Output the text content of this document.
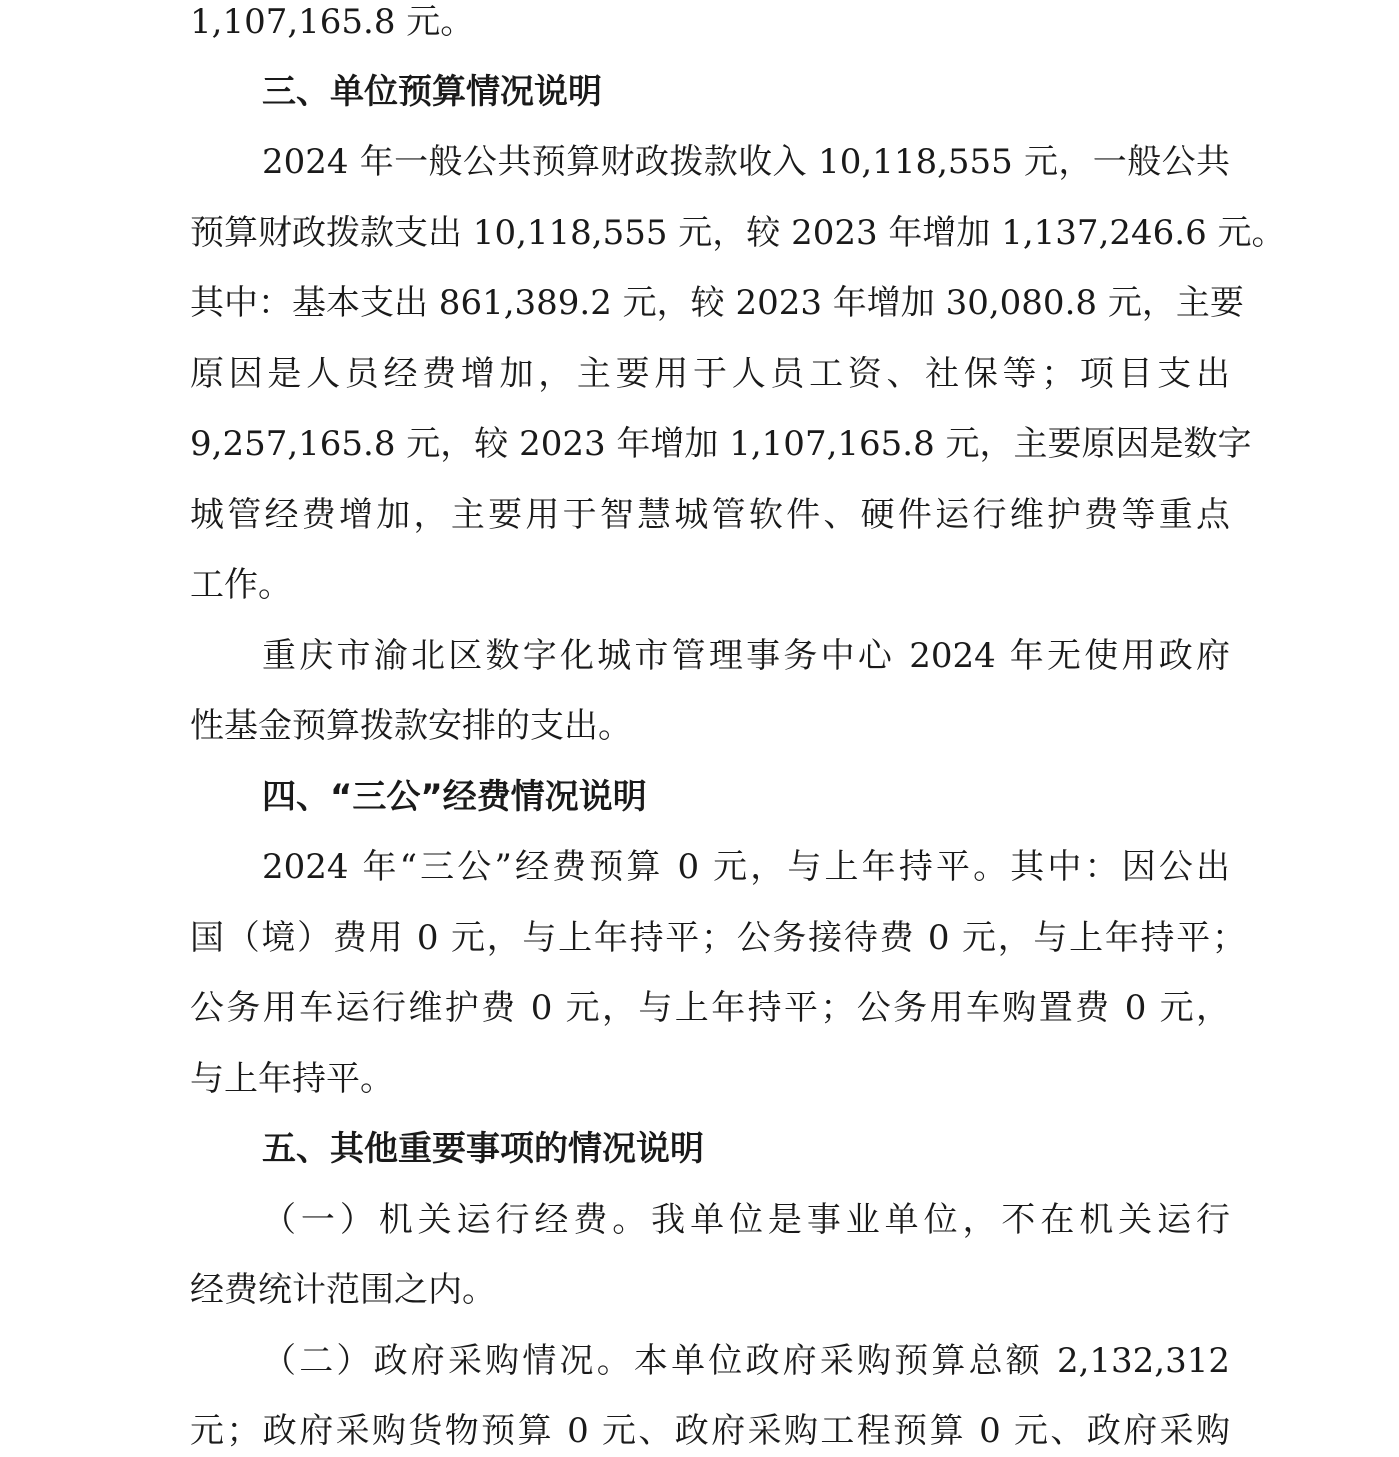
1,107,165.8 元。
三、单位预算情况说明
2024 年一般公共预算财政拨款收入 10,118,555 元，一般公共
预算财政拨款支出 10,118,555 元，较 2023 年增加 1,137,246.6 元。
其中：基本支出 861,389.2 元，较 2023 年增加 30,080.8 元，主要
原因是人员经费增加，主要用于人员工资、社保等；项目支出
9,257,165.8 元，较 2023 年增加 1,107,165.8 元，主要原因是数字
城管经费增加，主要用于智慧城管软件、硬件运行维护费等重点
工作。
重庆市渝北区数字化城市管理事务中心 2024 年无使用政府
性基金预算拨款安排的支出。
四、“三公”经费情况说明
2024 年“三公”经费预算 0 元，与上年持平。其中：因公出
国（境）费用 0 元，与上年持平；公务接待费 0 元，与上年持平；
公务用车运行维护费 0 元，与上年持平；公务用车购置费 0 元，
与上年持平。
五、其他重要事项的情况说明
（一）机关运行经费。我单位是事业单位，不在机关运行
经费统计范围之内。
（二）政府采购情况。本单位政府采购预算总额 2,132,312
元；政府采购货物预算 0 元、政府采购工程预算 0 元、政府采购
